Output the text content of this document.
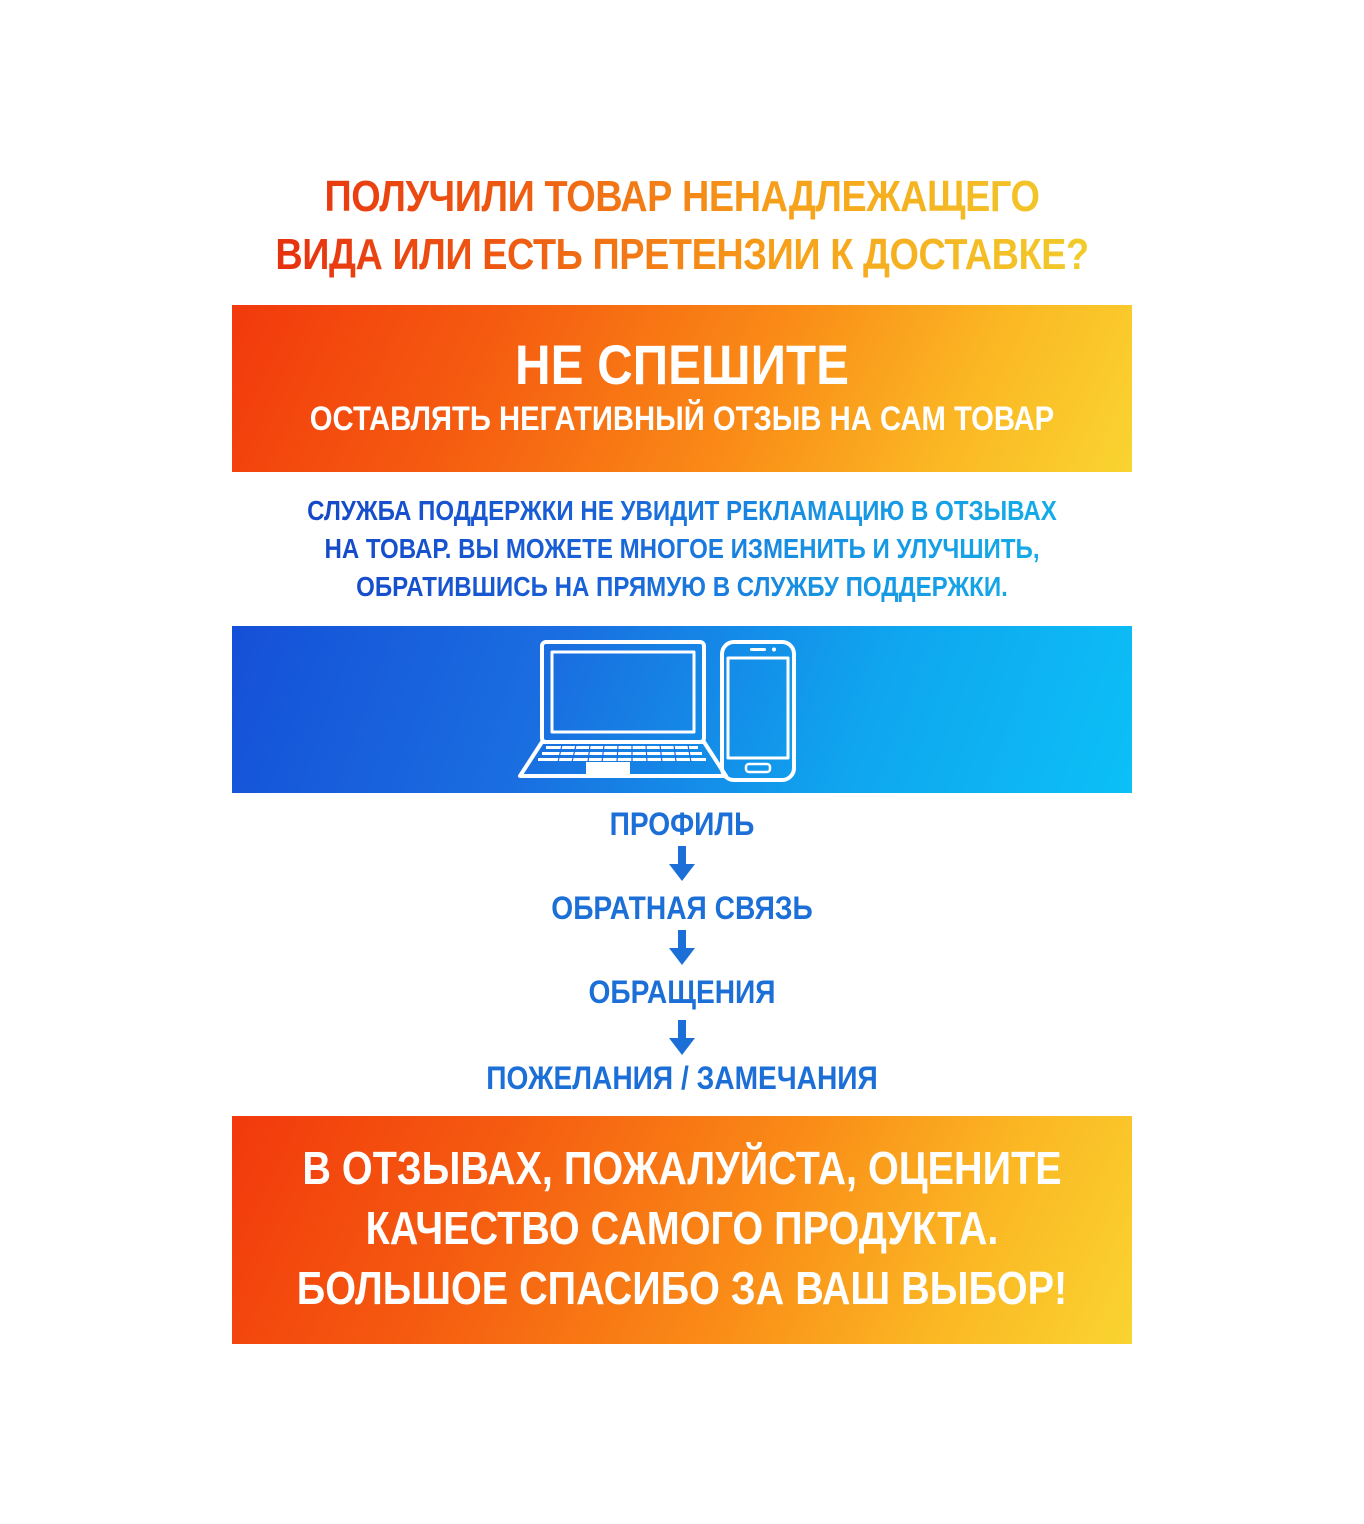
ПОЛУЧИЛИ ТОВАР НЕНАДЛЕЖАЩЕГО
ВИДА ИЛИ ЕСТЬ ПРЕТЕНЗИИ К ДОСТАВКЕ?
НЕ СПЕШИТЕ
ОСТАВЛЯТЬ НЕГАТИВНЫЙ ОТЗЫВ НА САМ ТОВАР
СЛУЖБА ПОДДЕРЖКИ НЕ УВИДИТ РЕКЛАМАЦИЮ В ОТЗЫВАХ
НА ТОВАР. ВЫ МОЖЕТЕ МНОГОЕ ИЗМЕНИТЬ И УЛУЧШИТЬ,
ОБРАТИВШИСЬ НА ПРЯМУЮ В СЛУЖБУ ПОДДЕРЖКИ.
ПРОФИЛЬ
ОБРАТНАЯ СВЯЗЬ
ОБРАЩЕНИЯ
ПОЖЕЛАНИЯ / ЗАМЕЧАНИЯ
В ОТЗЫВАХ, ПОЖАЛУЙСТА, ОЦЕНИТЕ
КАЧЕСТВО САМОГО ПРОДУКТА.
БОЛЬШОЕ СПАСИБО ЗА ВАШ ВЫБОР!
